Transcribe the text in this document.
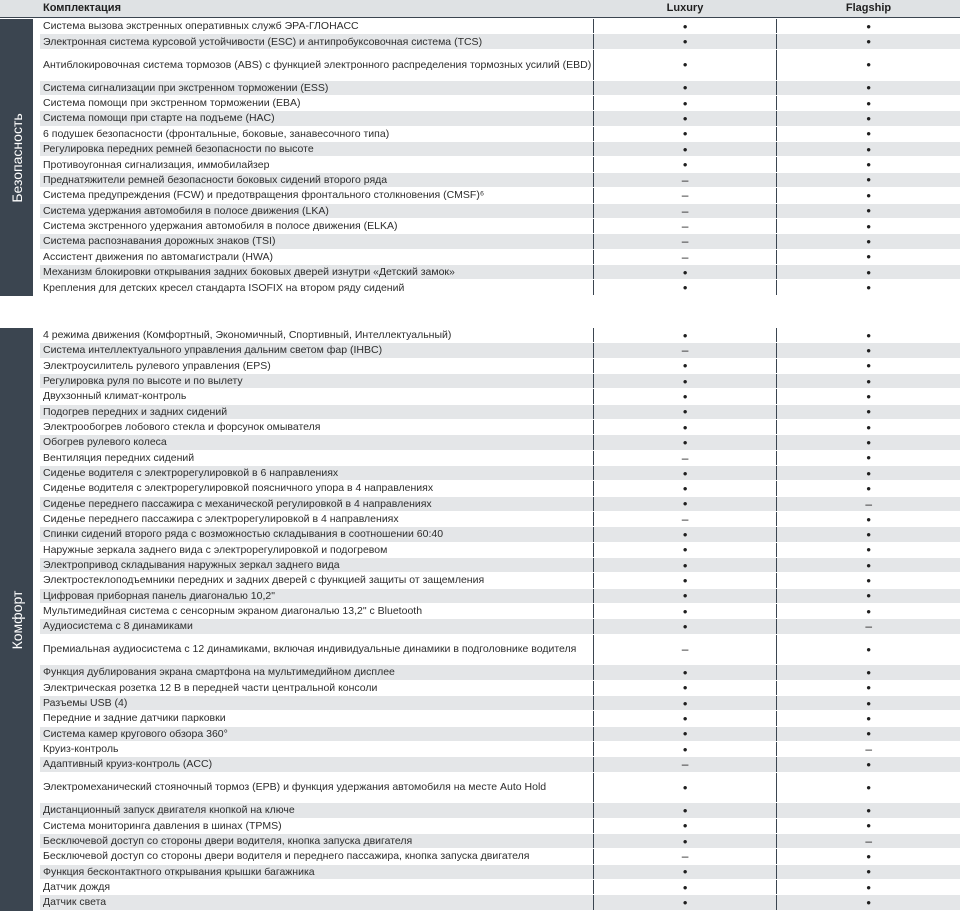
Комплектация	Luxury	Flagship
Безопасность
Система вызова экстренных оперативных служб ЭРА-ГЛОНАСС	•	•
Электронная система курсовой устойчивости (ESC) и антипробуксовочная система (TCS)	•	•
Антиблокировочная система тормозов (ABS) с функцией электронного распределения тормозных усилий (EBD)	•	•
Система сигнализации при экстренном торможении (ESS)	•	•
Система помощи при экстренном торможении (EBA)	•	•
Система помощи при старте на подъеме (HAC)	•	•
6 подушек безопасности (фронтальные, боковые, занавесочного типа)	•	•
Регулировка передних ремней безопасности по высоте	•	•
Противоугонная сигнализация, иммобилайзер	•	•
Преднатяжители ремней безопасности боковых сидений второго ряда	–	•
Система предупреждения (FCW) и предотвращения фронтального столкновения (CMSF)⁶	–	•
Система удержания автомобиля в полосе движения (LKA)	–	•
Система экстренного удержания автомобиля в полосе движения (ELKA)	–	•
Система распознавания дорожных знаков (TSI)	–	•
Ассистент движения по автомагистрали (HWA)	–	•
Механизм блокировки открывания задних боковых дверей изнутри «Детский замок»	•	•
Крепления для детских кресел стандарта ISOFIX на втором ряду сидений	•	•
Комфорт
4 режима движения (Комфортный, Экономичный, Спортивный, Интеллектуальный)	•	•
Система интеллектуального управления дальним светом фар (IHBC)	–	•
Электроусилитель рулевого управления (EPS)	•	•
Регулировка руля по высоте и по вылету	•	•
Двухзонный климат-контроль	•	•
Подогрев передних и задних сидений	•	•
Электрообогрев лобового стекла и форсунок омывателя	•	•
Обогрев рулевого колеса	•	•
Вентиляция передних сидений	–	•
Сиденье водителя с электрорегулировкой в 6 направлениях	•	•
Сиденье водителя с электрорегулировкой поясничного упора в 4 направлениях	•	•
Сиденье переднего пассажира с механической регулировкой в 4 направлениях	•	–
Сиденье переднего пассажира с электрорегулировкой в 4 направлениях	–	•
Спинки сидений второго ряда с возможностью складывания в соотношении 60:40	•	•
Наружные зеркала заднего вида с электрорегулировкой и подогревом	•	•
Электропривод складывания наружных зеркал заднего вида	•	•
Электростеклоподъемники передних и задних дверей с функцией защиты от защемления	•	•
Цифровая приборная панель диагональю 10,2"	•	•
Мультимедийная система с сенсорным экраном диагональю 13,2" с Bluetooth	•	•
Аудиосистема с 8 динамиками	•	–
Премиальная аудиосистема с 12 динамиками, включая индивидуальные динамики в подголовнике водителя	–	•
Функция дублирования экрана смартфона на мультимедийном дисплее	•	•
Электрическая розетка 12 В в передней части центральной консоли	•	•
Разъемы USB (4)	•	•
Передние и задние датчики парковки	•	•
Система камер кругового обзора 360°	•	•
Круиз-контроль	•	–
Адаптивный круиз-контроль (ACC)	–	•
Электромеханический стояночный тормоз (EPB) и функция удержания автомобиля на месте Auto Hold	•	•
Дистанционный запуск двигателя кнопкой на ключе	•	•
Система мониторинга давления в шинах (TPMS)	•	•
Бесключевой доступ со стороны двери водителя, кнопка запуска двигателя	•	–
Бесключевой доступ со стороны двери водителя и переднего пассажира, кнопка запуска двигателя	–	•
Функция бесконтактного открывания крышки багажника	•	•
Датчик дождя	•	•
Датчик света	•	•
